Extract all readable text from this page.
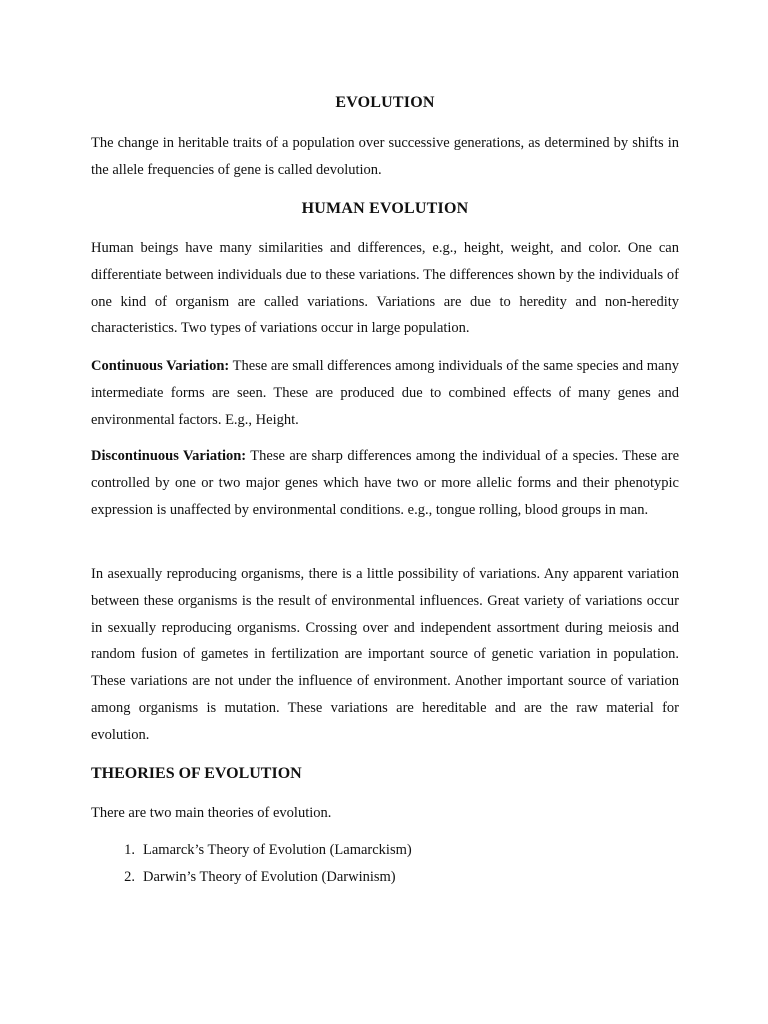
EVOLUTION

The change in heritable traits of a population over successive generations, as determined by shifts in the allele frequencies of gene is called devolution.

HUMAN EVOLUTION

Human beings have many similarities and differences, e.g., height, weight, and color. One can differentiate between individuals due to these variations. The differences shown by the individuals of one kind of organism are called variations. Variations are due to heredity and non-heredity characteristics. Two types of variations occur in large population.

Continuous Variation: These are small differences among individuals of the same species and many intermediate forms are seen. These are produced due to combined effects of many genes and environmental factors. E.g., Height.

Discontinuous Variation: These are sharp differences among the individual of a species. These are controlled by one or two major genes which have two or more allelic forms and their phenotypic expression is unaffected by environmental conditions. e.g., tongue rolling, blood groups in man.

In asexually reproducing organisms, there is a little possibility of variations. Any apparent variation between these organisms is the result of environmental influences. Great variety of variations occur in sexually reproducing organisms. Crossing over and independent assortment during meiosis and random fusion of gametes in fertilization are important source of genetic variation in population. These variations are not under the influence of environment. Another important source of variation among organisms is mutation. These variations are hereditable and are the raw material for evolution.

THEORIES OF EVOLUTION

There are two main theories of evolution.

1. Lamarck’s Theory of Evolution (Lamarckism)
2. Darwin’s Theory of Evolution (Darwinism)
